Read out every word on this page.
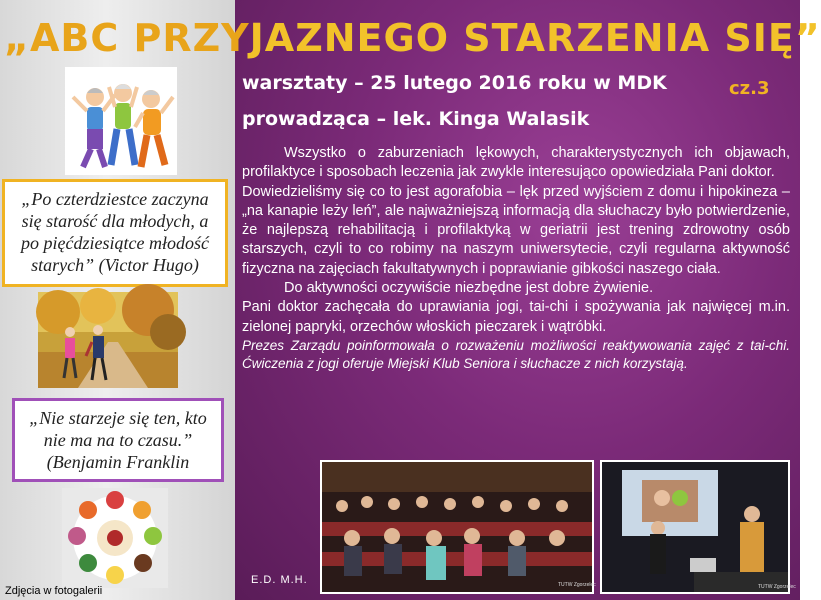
„ABC PRZYJAZNEGO STARZENIA SIĘ”
warsztaty – 25 lutego 2016 roku w MDK	cz.3
prowadząca – lek. Kinga Walasik

Wszystko o zaburzeniach lękowych, charakterystycznych ich objawach, profilaktyce i sposobach leczenia jak zwykle interesująco opowiedziała Pani doktor.

Dowiedzieliśmy się co to jest agorafobia – lęk przed wyjściem z domu i hipokineza – „na kanapie leży leń”, ale najważniejszą informacją dla słuchaczy było potwierdzenie, że najlepszą rehabilitacją i profilaktyką w geriatrii jest trening zdrowotny osób starszych, czyli to co robimy na naszym uniwersytecie, czyli regularna aktywność fizyczna na zajęciach fakultatywnych i poprawianie gibkości naszego ciała.

Do aktywności oczywiście niezbędne jest dobre żywienie.

Pani doktor zachęcała do uprawiania jogi, tai-chi i spożywania jak najwięcej m.in. zielonej papryki, orzechów włoskich pieczarek i wątróbki.

Prezes Zarządu poinformowała o rozważeniu możliwości reaktywowania zajęć z tai-chi. Ćwiczenia z jogi oferuje Miejski Klub Seniora i słuchacze z nich korzystają.

„Po czterdziestce zaczyna się starość dla młodych, a po pięćdziesiątce młodość starych” (Victor Hugo)
„Nie starzeje się ten, kto nie ma na to czasu.” (Benjamin Franklin
TUTW Zgorzelec	TUTW Zgorzelec
E.D. M.H.
Zdjęcia w fotogalerii
